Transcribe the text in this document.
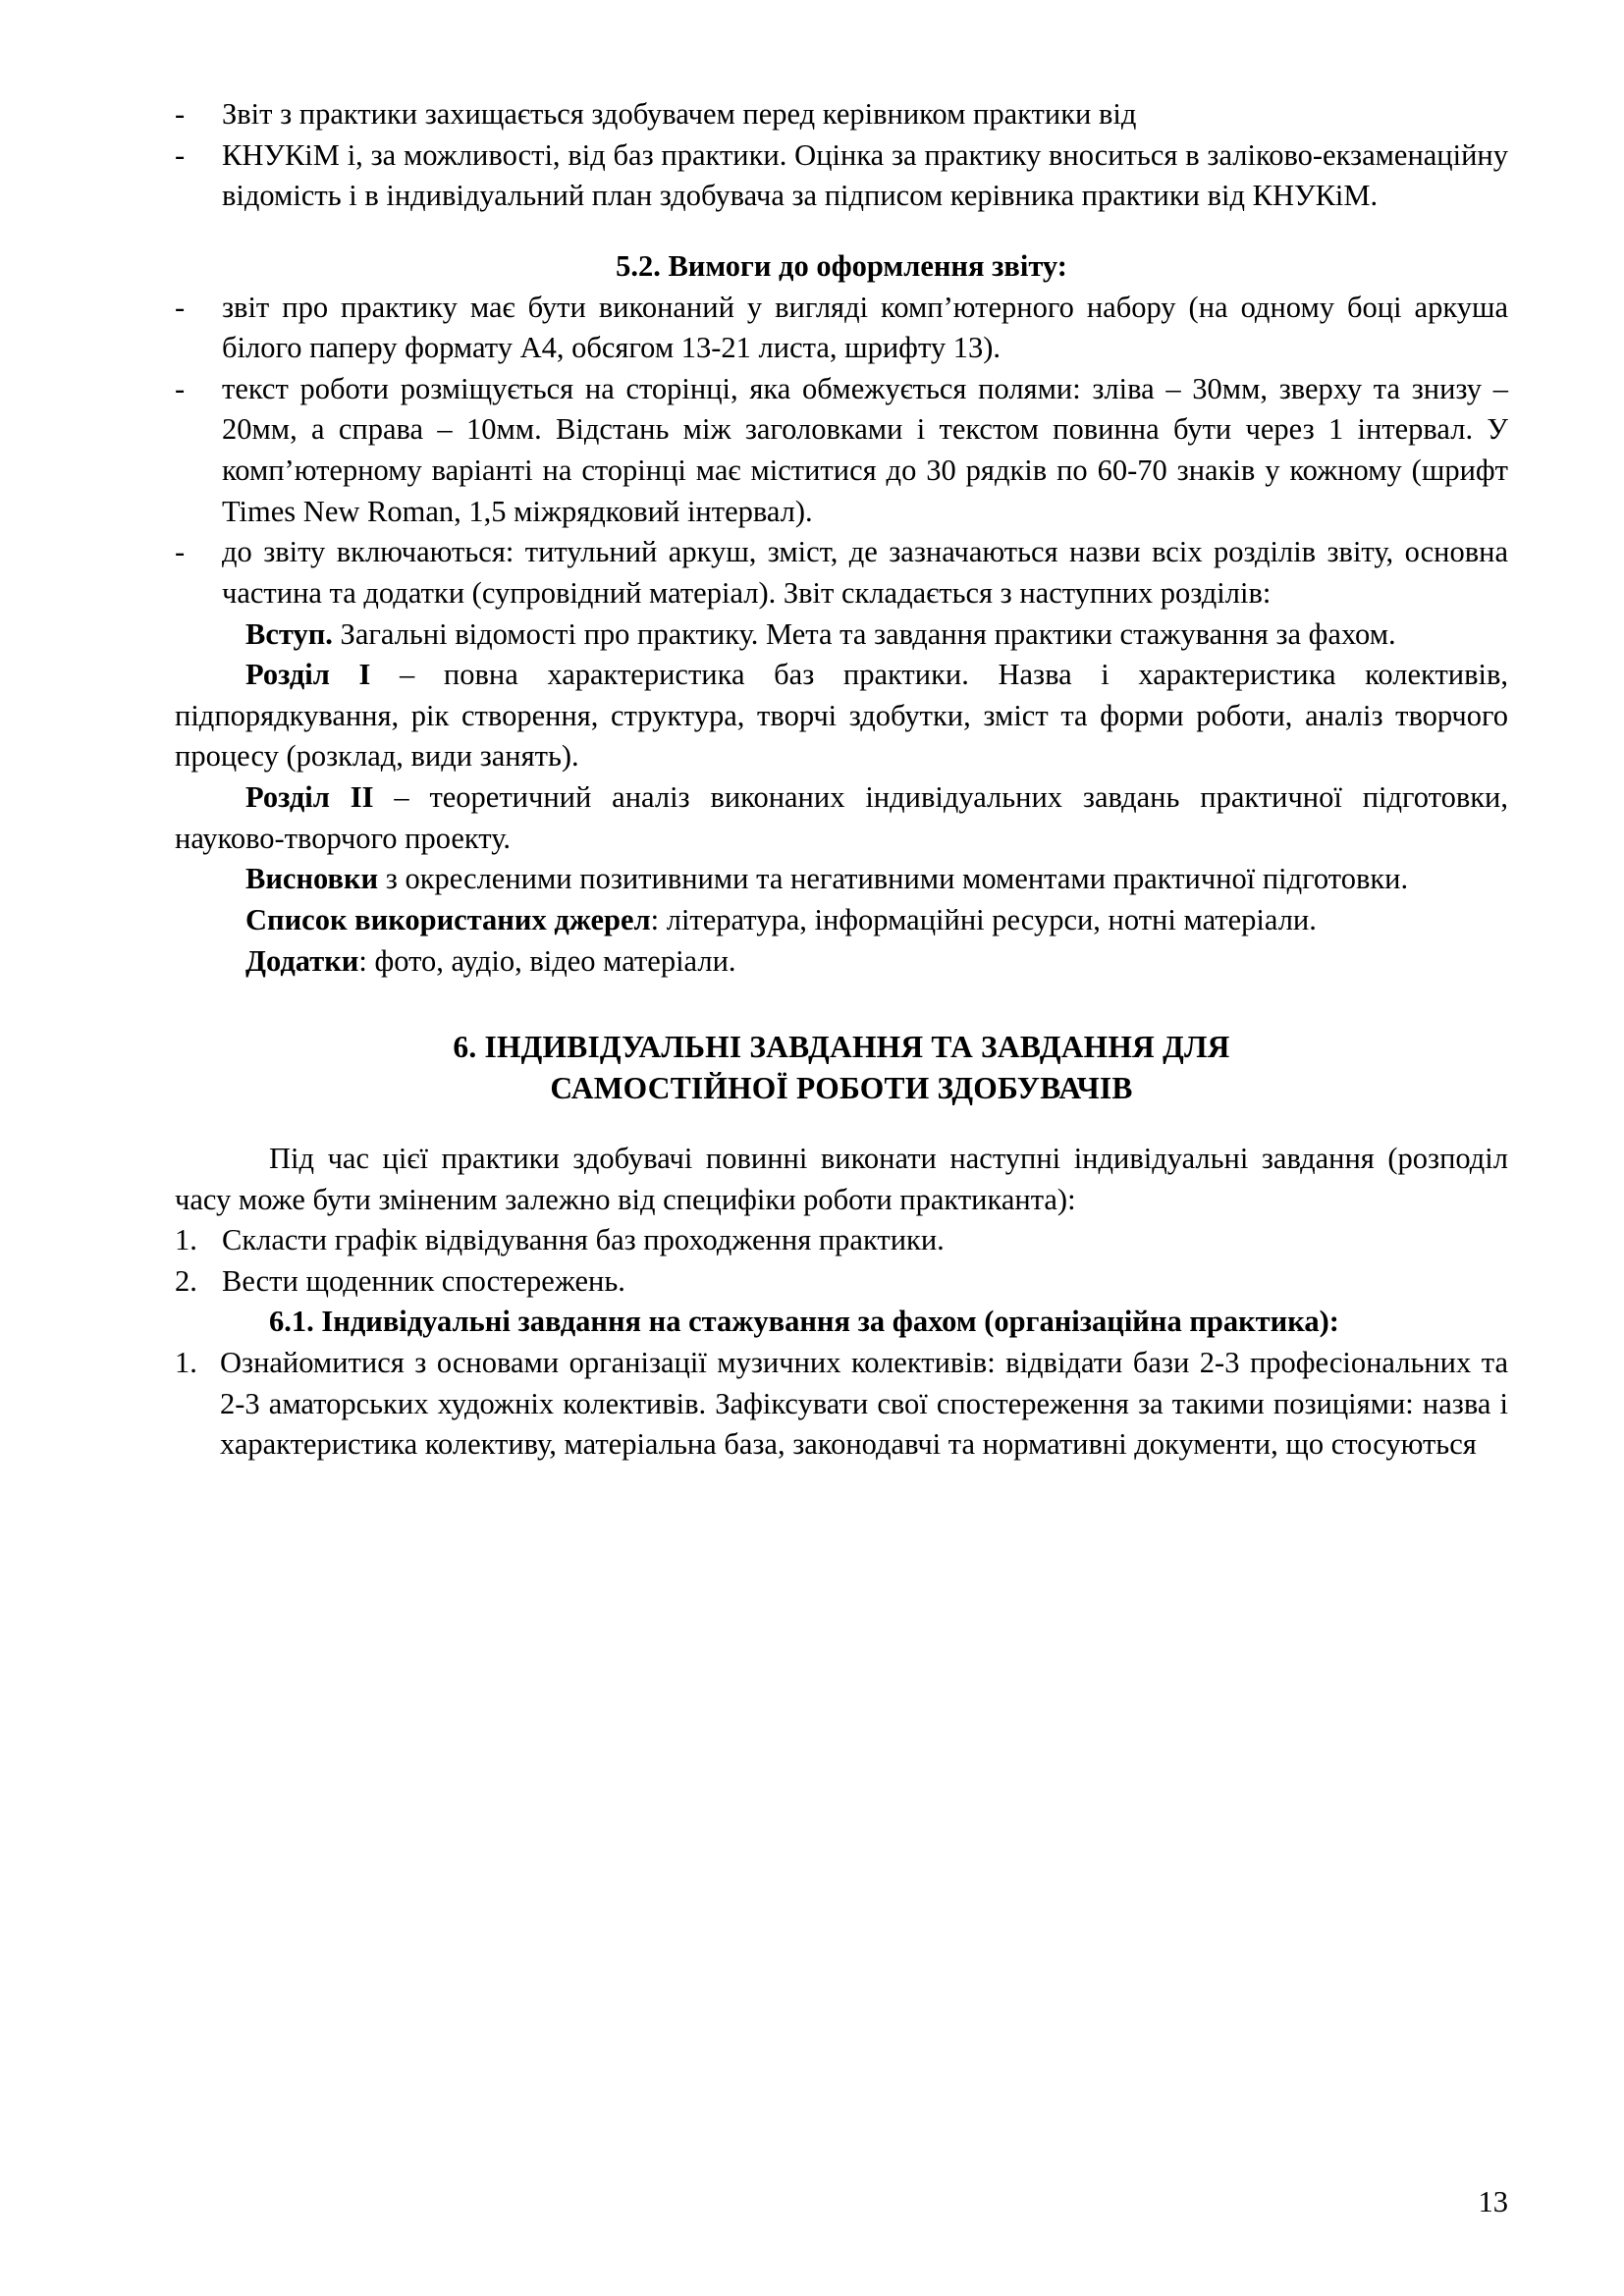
-	Звіт з практики захищається здобувачем перед керівником практики від
-	КНУКіМ і, за можливості, від баз практики. Оцінка за практику вноситься в заліково-екзаменаційну відомість і в індивідуальний план здобувача за підписом керівника практики від КНУКіМ.
5.2. Вимоги до оформлення звіту:
-	звіт про практику має бути виконаний у вигляді комп’ютерного набору (на одному боці аркуша білого паперу формату А4, обсягом 13-21 листа, шрифту 13).
-	текст роботи розміщується на сторінці, яка обмежується полями: зліва – 30мм, зверху та знизу – 20мм, а справа – 10мм. Відстань між заголовками і текстом повинна бути через 1 інтервал. У комп’ютерному варіанті на сторінці має міститися до 30 рядків по 60-70 знаків у кожному (шрифт Times New Roman, 1,5 міжрядковий інтервал).
-	до звіту включаються: титульний аркуш, зміст, де зазначаються назви всіх розділів звіту, основна частина та додатки (супровідний матеріал). Звіт складається з наступних розділів:

Вступ. Загальні відомості про практику. Мета та завдання практики стажування за фахом.

Розділ I – повна характеристика баз практики. Назва і характеристика колективів, підпорядкування, рік створення, структура, творчі здобутки, зміст та форми роботи, аналіз творчого процесу (розклад, види занять).

Розділ II – теоретичний аналіз виконаних індивідуальних завдань практичної підготовки, науково-творчого проекту.

Висновки з окресленими позитивними та негативними моментами практичної підготовки.

Список використаних джерел: література, інформаційні ресурси, нотні матеріали.

Додатки: фото, аудіо, відео матеріали.

6. ІНДИВІДУАЛЬНІ ЗАВДАННЯ ТА ЗАВДАННЯ ДЛЯ
САМОСТІЙНОЇ РОБОТИ ЗДОБУВАЧІВ

Під час цієї практики здобувачі повинні виконати наступні індивідуальні завдання (розподіл часу може бути зміненим залежно від специфіки роботи практиканта):

1. Скласти графік відвідування баз проходження практики.
2. Вести щоденник спостережень.

6.1. Індивідуальні завдання на стажування за фахом (організаційна практика):

1. Ознайомитися з основами організації музичних колективів: відвідати бази 2-3 професіональних та 2-3 аматорських художніх колективів. Зафіксувати свої спостереження за такими позиціями: назва і характеристика колективу, матеріальна база, законодавчі та нормативні документи, що стосуються
13
